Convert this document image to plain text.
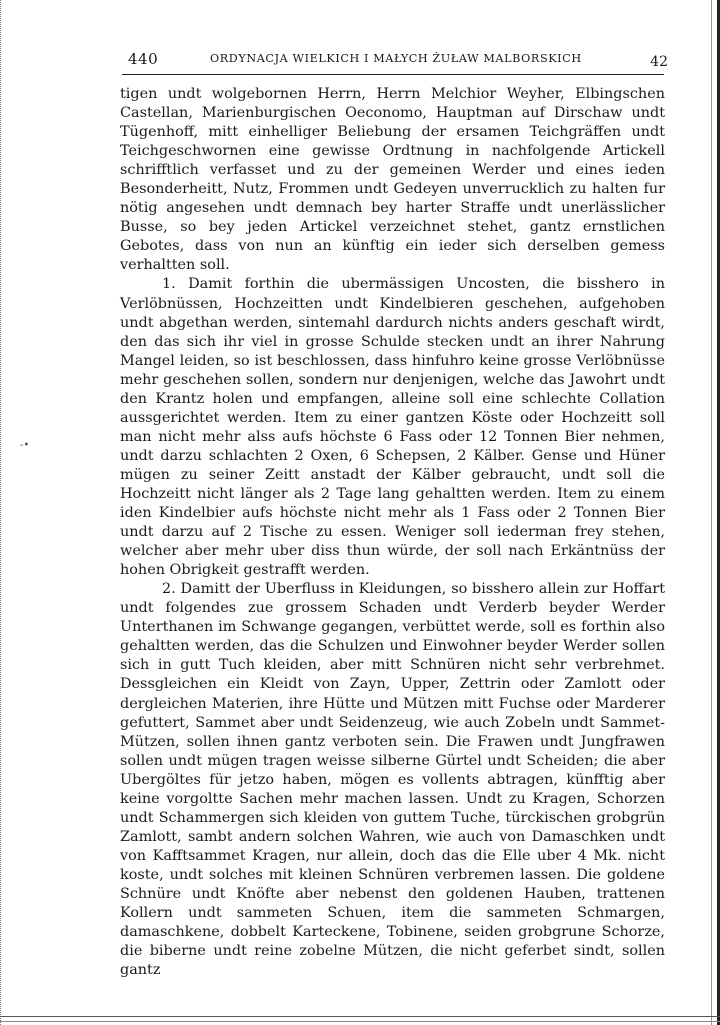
440	ORDYNACJA WIELKICH I MAŁYCH ŻUŁAW MALBORSKICH	42
-•

tigen undt wolgebornen Herrn, Herrn Melchior Weyher, Elbingschen Castellan, Marienburgischen Oeconomo, Hauptman auf Dirschaw undt Tügenhoff, mitt einhelliger Beliebung der ersamen Teichgräffen undt Teichgeschwornen eine gewisse Ordtnung in nachfolgende Artickell schrifftlich verfasset und zu der gemeinen Werder und eines ieden Besonderheitt, Nutz, Frommen undt Gedeyen unverrucklich zu halten fur nötig angesehen undt demnach bey harter Straffe undt unerlässlicher Busse, so bey jeden Artickel verzeichnet stehet, gantz ernstlichen Gebotes, dass von nun an künftig ein ieder sich derselben gemess verhaltten soll.

1. Damit forthin die ubermässigen Uncosten, die bisshero in Verlöbnüssen, Hochzeitten undt Kindelbieren geschehen, aufgehoben undt abgethan werden, sintemahl dardurch nichts anders geschaft wirdt, den das sich ihr viel in grosse Schulde stecken undt an ihrer Nahrung Mangel leiden, so ist beschlossen, dass hinfuhro keine grosse Verlöbnüsse mehr geschehen sollen, sondern nur denjenigen, welche das Jawohrt undt den Krantz holen und empfangen, alleine soll eine schlechte Collation aussgerichtet werden. Item zu einer gantzen Köste oder Hochzeitt soll man nicht mehr alss aufs höchste 6 Fass oder 12 Tonnen Bier nehmen, undt darzu schlachten 2 Oxen, 6 Schepsen, 2 Kälber. Gense und Hüner mügen zu seiner Zeitt anstadt der Kälber gebraucht, undt soll die Hochzeitt nicht länger als 2 Tage lang gehaltten werden. Item zu einem iden Kindelbier aufs höchste nicht mehr als 1 Fass oder 2 Tonnen Bier undt darzu auf 2 Tische zu essen. Weniger soll iederman frey stehen, welcher aber mehr uber diss thun würde, der soll nach Erkäntnüss der hohen Obrigkeit gestrafft werden.

2. Damitt der Uberfluss in Kleidungen, so bisshero allein zur Hoffart undt folgendes zue grossem Schaden undt Verderb beyder Werder Unterthanen im Schwange gegangen, verbüttet werde, soll es forthin also gehaltten werden, das die Schulzen und Einwohner beyder Werder sollen sich in gutt Tuch kleiden, aber mitt Schnüren nicht sehr verbrehmet. Dessgleichen ein Kleidt von Zayn, Upper, Zettrin oder Zamlott oder dergleichen Materien, ihre Hütte und Mützen mitt Fuchse oder Marderer gefuttert, Sammet aber undt Seidenzeug, wie auch Zobeln undt Sammet-Mützen, sollen ihnen gantz verboten sein. Die Frawen undt Jungfrawen sollen undt mügen tragen weisse silberne Gürtel undt Scheiden; die aber Ubergöltes für jetzo haben, mögen es vollents abtragen, künfftig aber keine vorgoltte Sachen mehr machen lassen. Undt zu Kragen, Schorzen undt Schammergen sich kleiden von guttem Tuche, türckischen grobgrün Zamlott, sambt andern solchen Wahren, wie auch von Damaschken undt von Kafftsammet Kragen, nur allein, doch das die Elle uber 4 Mk. nicht koste, undt solches mit kleinen Schnüren verbremen lassen. Die goldene Schnüre undt Knöfte aber nebenst den goldenen Hauben, trattenen Kollern undt sammeten Schuen, item die sammeten Schmargen, damaschkene, dobbelt Karteckene, Tobinene, seiden grobgrune Schorze, die biberne undt reine zobelne Mützen, die nicht geferbet sindt, sollen gantz
